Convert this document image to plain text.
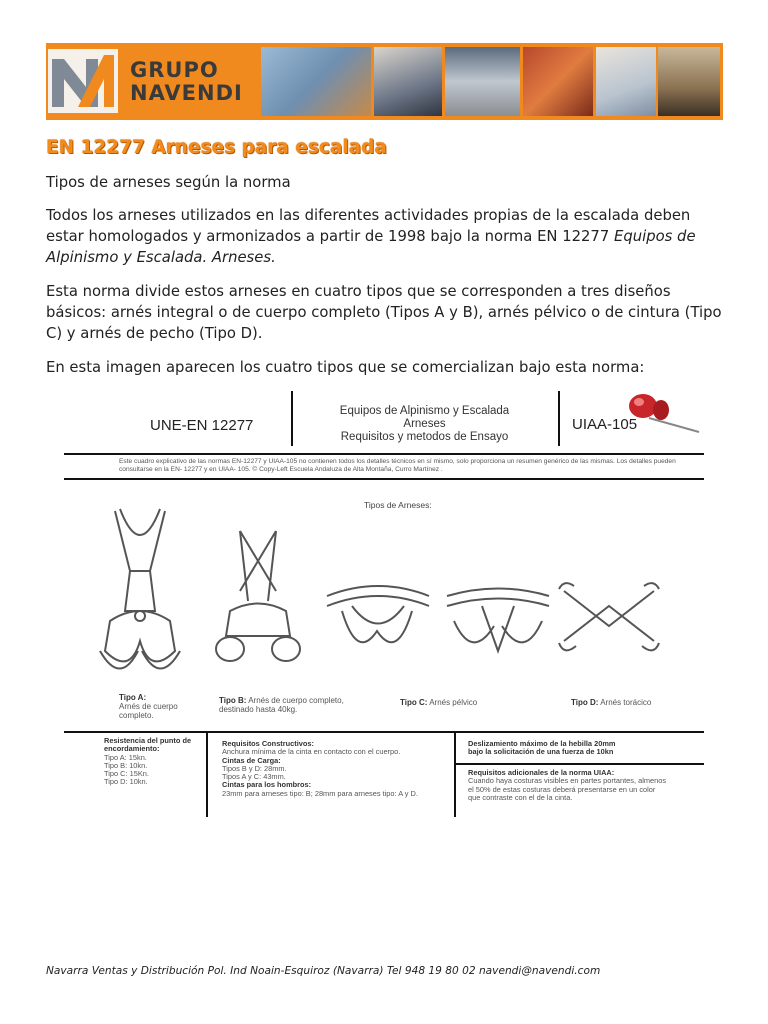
GRUPO
NAVENDI
EN 12277 Arneses para escalada

Tipos de arneses según la norma

Todos los arneses utilizados en las diferentes actividades propias de la escalada deben estar homologados y armonizados a partir de 1998 bajo la norma EN 12277 Equipos de Alpinismo y Escalada. Arneses.

Esta norma divide estos arneses en cuatro tipos que se corresponden a tres diseños básicos: arnés integral o de cuerpo completo (Tipos A y B), arnés pélvico o de cintura (Tipo C) y arnés de pecho (Tipo D).

En esta imagen aparecen los cuatro tipos que se comercializan bajo esta norma:

UNE-EN 12277
Equipos de Alpinismo y Escalada
Arneses
Requisitos y metodos de Ensayo
UIAA-105
Este cuadro explicativo de las normas EN-12277 y UIAA-105 no contienen todos los detalles técnicos en sí mismo, solo proporciona un resumen genérico de las mismas. Los detalles pueden consultarse en la EN- 12277 y en UIAA- 105. © Copy-Left Escuela Andaluza de Alta Montaña, Curro Martínez .
Tipos de Arneses:
Tipo A:
Arnés de cuerpo completo.
Tipo B: Arnés de cuerpo completo, destinado hasta 40kg.
Tipo C: Arnés pélvico	Tipo D: Arnés torácico
Resistencia del punto de encordamiento:
Tipo A: 15kn.
Tipo B: 10kn.
Tipo C: 15Kn.
Tipo D: 10kn.
Requisitos Constructivos:
Anchura mínima de la cinta en contacto con el cuerpo.
Cintas de Carga:
Tipos B y D: 28mm.
Tipos A y C: 43mm.
Cintas para los hombros:
23mm para arneses tipo: B; 28mm para arneses tipo: A y D.
Deslizamiento máximo de la hebilla 20mm
bajo la solicitación de una fuerza de 10kn
Requisitos adicionales de la norma UIAA:
Cuando haya costuras visibles en partes portantes, almenos el 50% de estas costuras deberá presentarse en un color que contraste con el de la cinta.
Navarra Ventas y Distribución Pol. Ind Noain-Esquiroz (Navarra) Tel 948 19 80 02 navendi@navendi.com
